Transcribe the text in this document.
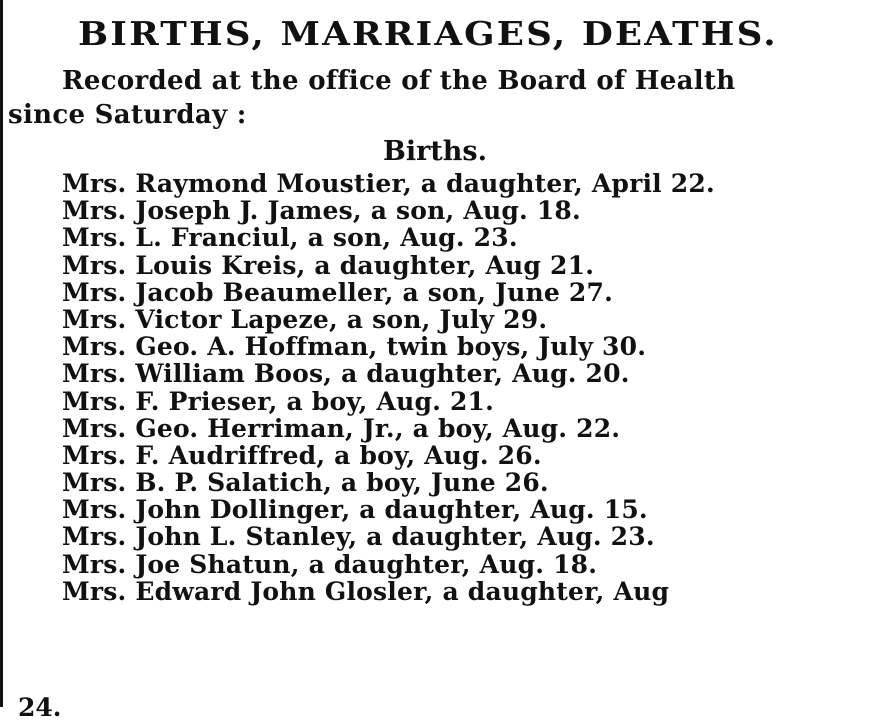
BIRTHS, MARRIAGES, DEATHS.
Recorded at the office of the Board of Health
since Saturday :
Births.
Mrs. Raymond Moustier, a daughter, April 22.
Mrs. Joseph J. James, a son, Aug. 18.
Mrs. L. Franciul, a son, Aug. 23.
Mrs. Louis Kreis, a daughter, Aug 21.
Mrs. Jacob Beaumeller, a son, June 27.
Mrs. Victor Lapeze, a son, July 29.
Mrs. Geo. A. Hoffman, twin boys, July 30.
Mrs. William Boos, a daughter, Aug. 20.
Mrs. F. Prieser, a boy, Aug. 21.
Mrs. Geo. Herriman, Jr., a boy, Aug. 22.
Mrs. F. Audriffred, a boy, Aug. 26.
Mrs. B. P. Salatich, a boy, June 26.
Mrs. John Dollinger, a daughter, Aug. 15.
Mrs. John L. Stanley, a daughter, Aug. 23.
Mrs. Joe Shatun, a daughter, Aug. 18.
Mrs. Edward John Glosler, a daughter, Aug
24.
